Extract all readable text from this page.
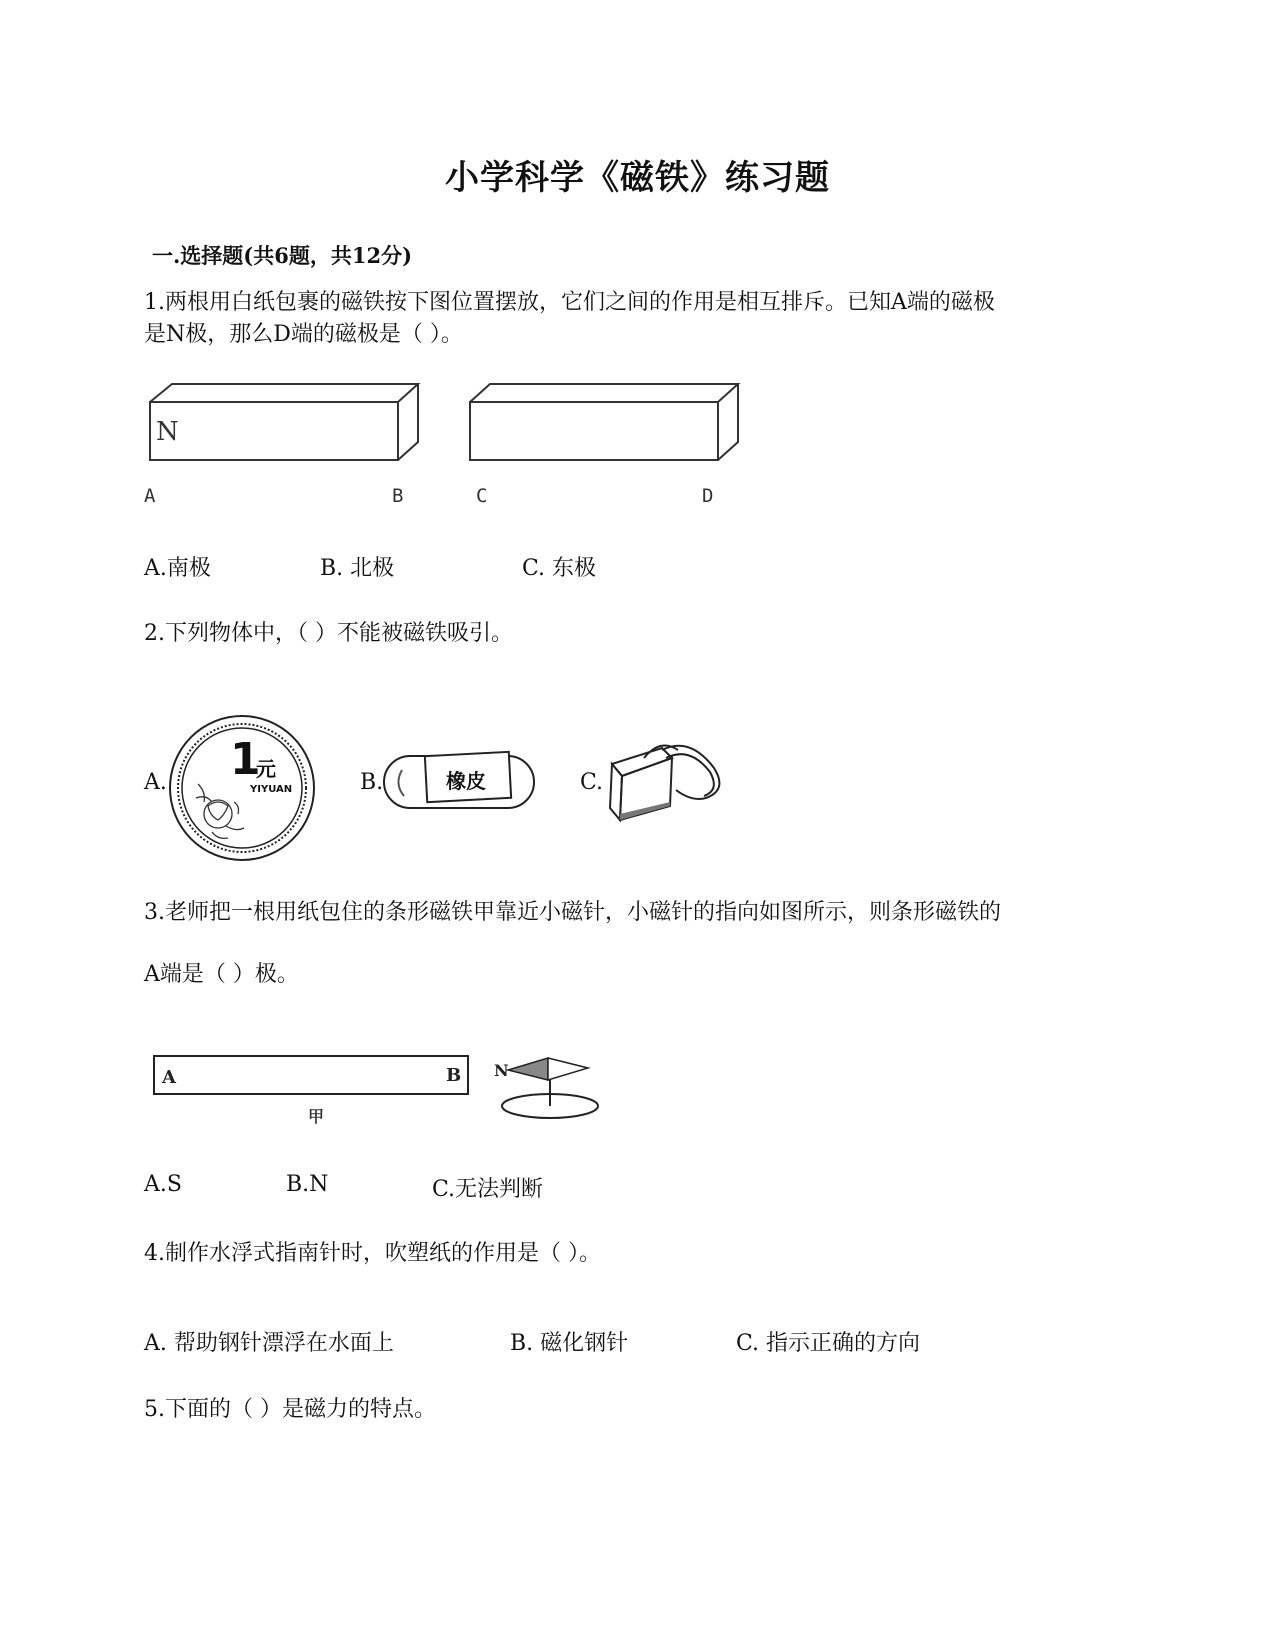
小学科学《磁铁》练习题
一.选择题(共6题，共12分)
1.两根用白纸包裹的磁铁按下图位置摆放，它们之间的作用是相互排斥。已知A端的磁极
是N极，那么D端的磁极是（ ）。
N
A	B	C	D
A.南极	B. 北极	C. 东极
2.下列物体中，（ ）不能被磁铁吸引。
A. 1
元
YIYUAN	B.	橡皮	C.
3.老师把一根用纸包住的条形磁铁甲靠近小磁针，小磁针的指向如图所示，则条形磁铁的
A端是（ ）极。
A	B
甲
N
A.S	B.N	C.无法判断
4.制作水浮式指南针时，吹塑纸的作用是（ ）。
A. 帮助钢针漂浮在水面上	B. 磁化钢针	C. 指示正确的方向
5.下面的（ ）是磁力的特点。
